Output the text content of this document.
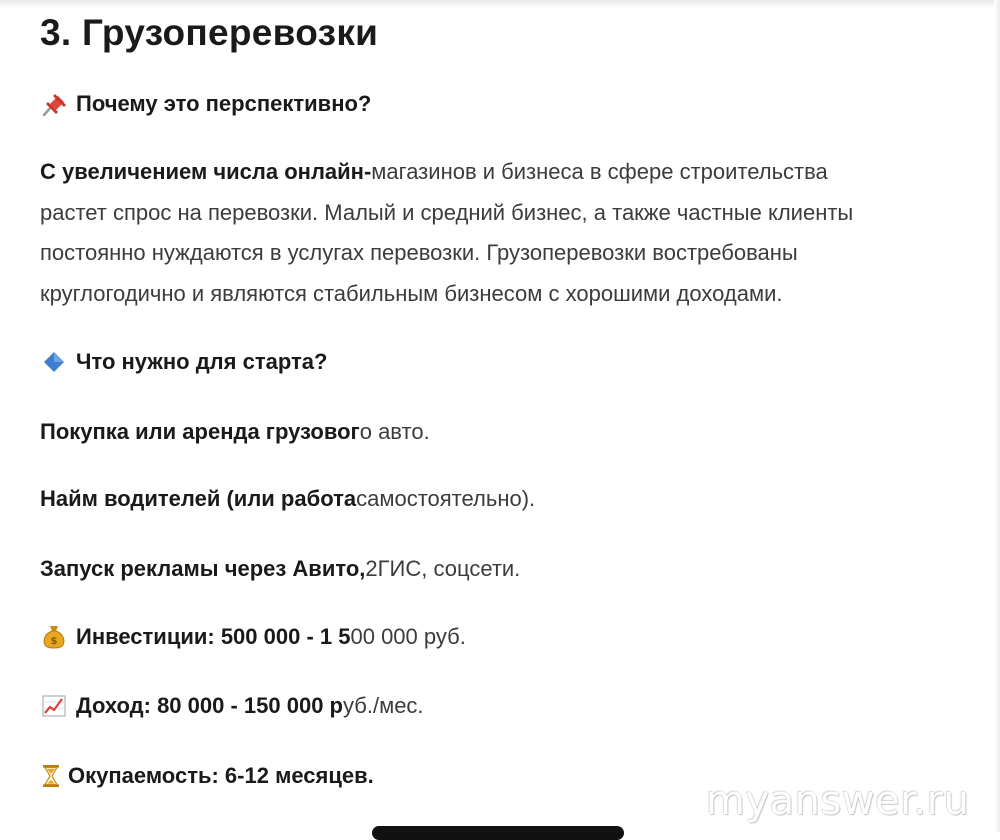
3. Грузоперевозки
Почему это перспективно?
С увеличением числа онлайн-магазинов и бизнеса в сфере строительства
растет спрос на перевозки. Малый и средний бизнес, а также частные клиенты
постоянно нуждаются в услугах перевозки. Грузоперевозки востребованы
круглогодично и являются стабильным бизнесом с хорошими доходами.
Что нужно для старта?
Покупка или аренда грузовог о авто.
Найм водителей (или работа самостоятельно).
Запуск рекламы через Авито, 2ГИС, соцсети.
$ Инвестиции: 500 000 - 1 5 00 000 руб.
Доход: 80 000 - 150 000 р уб./мес.
Окупаемость: 6-12 месяцев.
myanswer.ru
